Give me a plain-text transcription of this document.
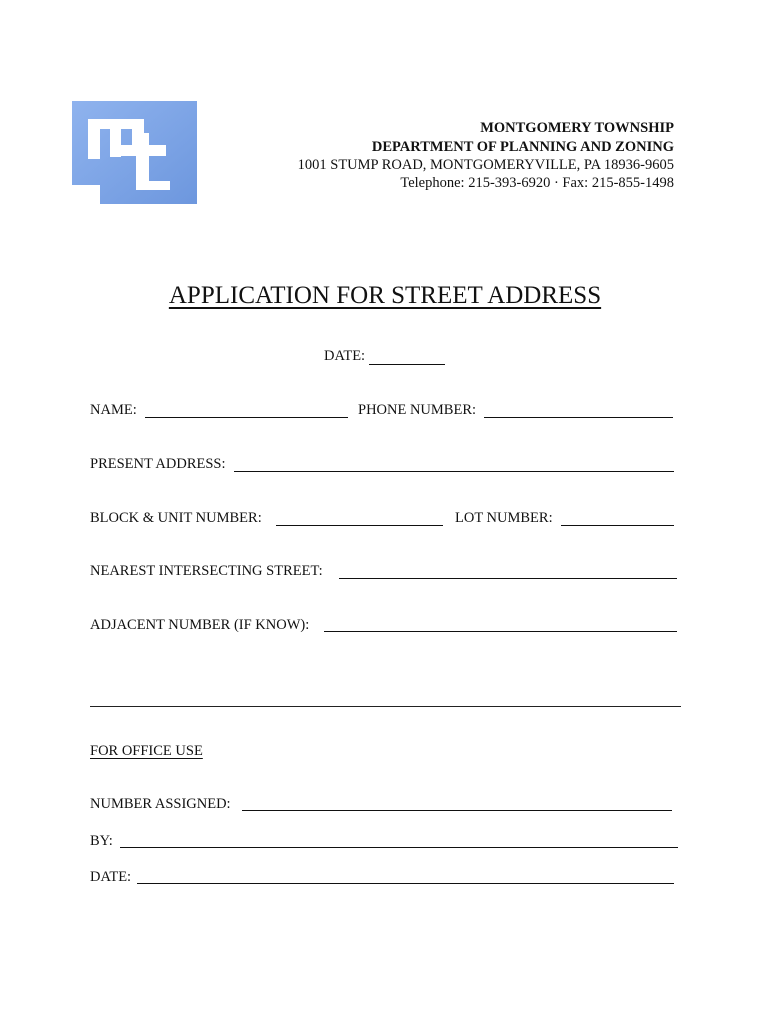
MONTGOMERY TOWNSHIP
DEPARTMENT OF PLANNING AND ZONING
1001 STUMP ROAD, MONTGOMERYVILLE, PA 18936-9605
Telephone: 215-393-6920 · Fax: 215-855-1498
APPLICATION FOR STREET ADDRESS
DATE:
NAME:	PHONE NUMBER:
PRESENT ADDRESS:
BLOCK & UNIT NUMBER:	LOT NUMBER:
NEAREST INTERSECTING STREET:
ADJACENT NUMBER (IF KNOW):
FOR OFFICE USE
NUMBER ASSIGNED:
BY:
DATE:
